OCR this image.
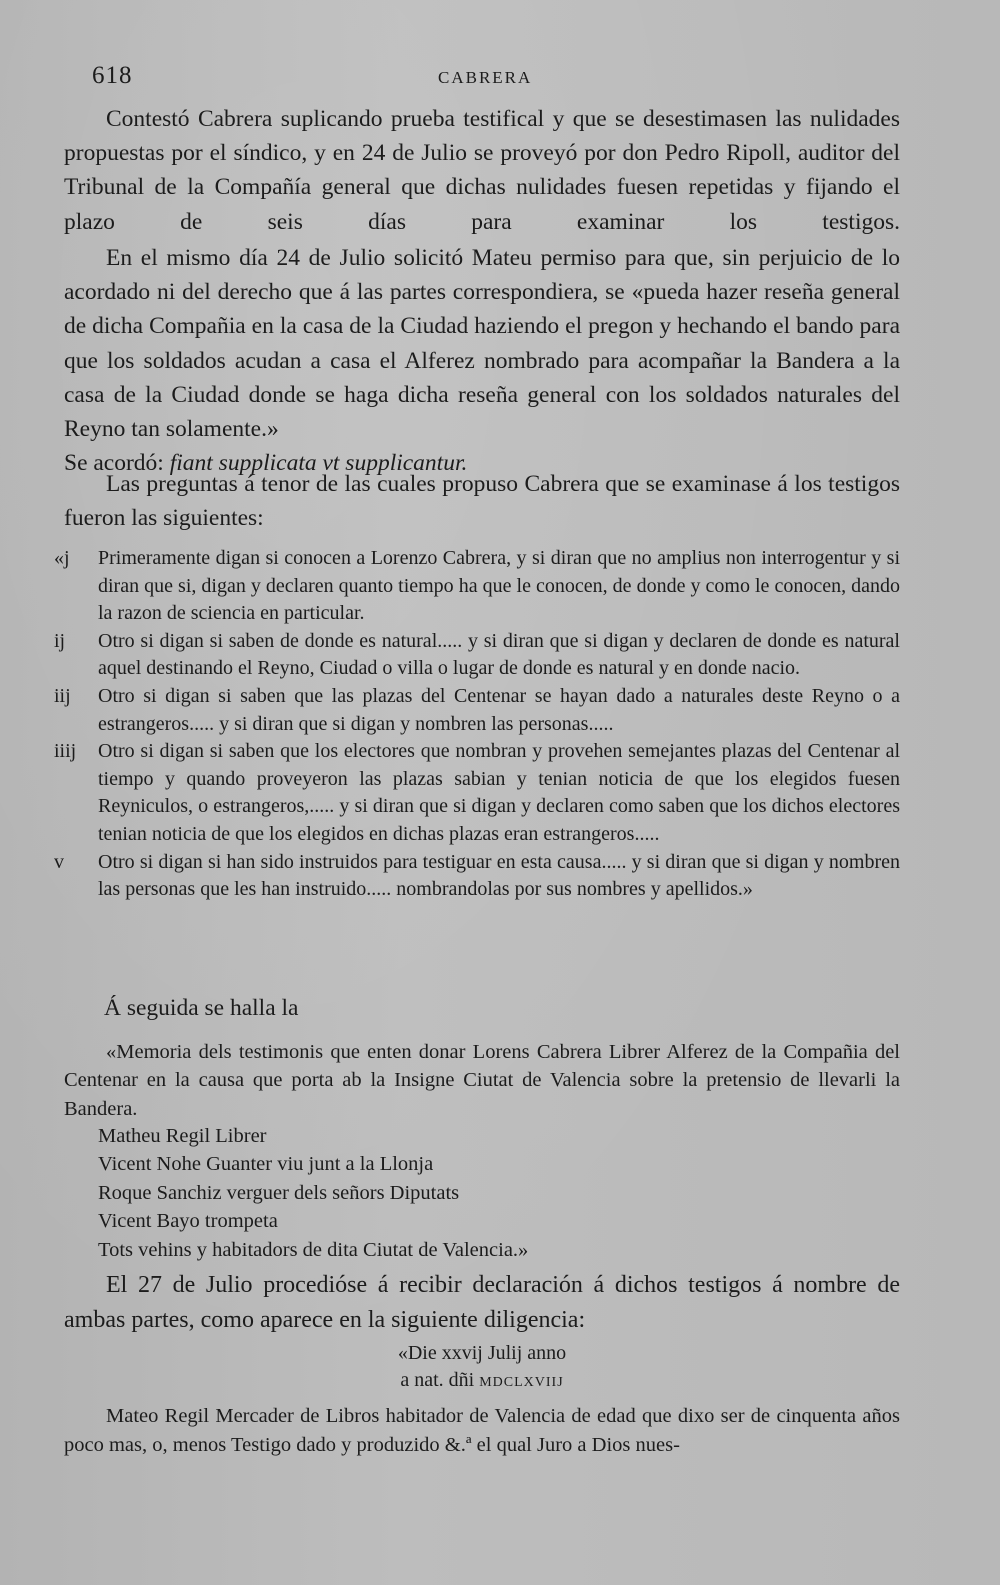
618	CABRERA

Contestó Cabrera suplicando prueba testifical y que se desestimasen las nulidades propuestas por el síndico, y en 24 de Julio se proveyó por don Pedro Ripoll, auditor del Tribunal de la Compañía general que dichas nulidades fuesen repetidas y fijando el plazo de seis días para examinar los testigos.

En el mismo día 24 de Julio solicitó Mateu permiso para que, sin perjuicio de lo acordado ni del derecho que á las partes correspondiera, se «pueda hazer reseña general de dicha Compañia en la casa de la Ciudad haziendo el pregon y hechando el bando para que los soldados acudan a casa el Alferez nombrado para acompañar la Bandera a la casa de la Ciudad donde se haga dicha reseña general con los soldados naturales del Reyno tan solamente.»
Se acordó: fiant supplicata vt supplicantur.

Las preguntas á tenor de las cuales propuso Cabrera que se examinase á los testigos fueron las siguientes:

«j Primeramente digan si conocen a Lorenzo Cabrera, y si diran que no amplius non interrogentur y si diran que si, digan y declaren quanto tiempo ha que le conocen, de donde y como le conocen, dando la razon de sciencia en particular.
ij Otro si digan si saben de donde es natural..... y si diran que si digan y declaren de donde es natural aquel destinando el Reyno, Ciudad o villa o lugar de donde es natural y en donde nacio.
iij Otro si digan si saben que las plazas del Centenar se hayan dado a naturales deste Reyno o a estrangeros..... y si diran que si digan y nombren las personas.....
iiij Otro si digan si saben que los electores que nombran y provehen semejantes plazas del Centenar al tiempo y quando proveyeron las plazas sabian y tenian noticia de que los elegidos fuesen Reyniculos, o estrangeros,..... y si diran que si digan y declaren como saben que los dichos electores tenian noticia de que los elegidos en dichas plazas eran estrangeros.....
v Otro si digan si han sido instruidos para testiguar en esta causa..... y si diran que si digan y nombren las personas que les han instruido..... nombrandolas por sus nombres y apellidos.»

Á seguida se halla la

«Memoria dels testimonis que enten donar Lorens Cabrera Librer Alferez de la Compañia del Centenar en la causa que porta ab la Insigne Ciutat de Valencia sobre la pretensio de llevarli la Bandera.

Matheu Regil Librer
Vicent Nohe Guanter viu junt a la Llonja
Roque Sanchiz verguer dels señors Diputats
Vicent Bayo trompeta
Tots vehins y habitadors de dita Ciutat de Valencia.»

El 27 de Julio procedióse á recibir declaración á dichos testigos á nombre de ambas partes, como aparece en la siguiente diligencia:

«Die xxvij Julij anno
a nat. dñi MDCLXVIIJ

Mateo Regil Mercader de Libros habitador de Valencia de edad que dixo ser de cinquenta años poco mas, o, menos Testigo dado y produzido &.ª el qual Juro a Dios nues-
